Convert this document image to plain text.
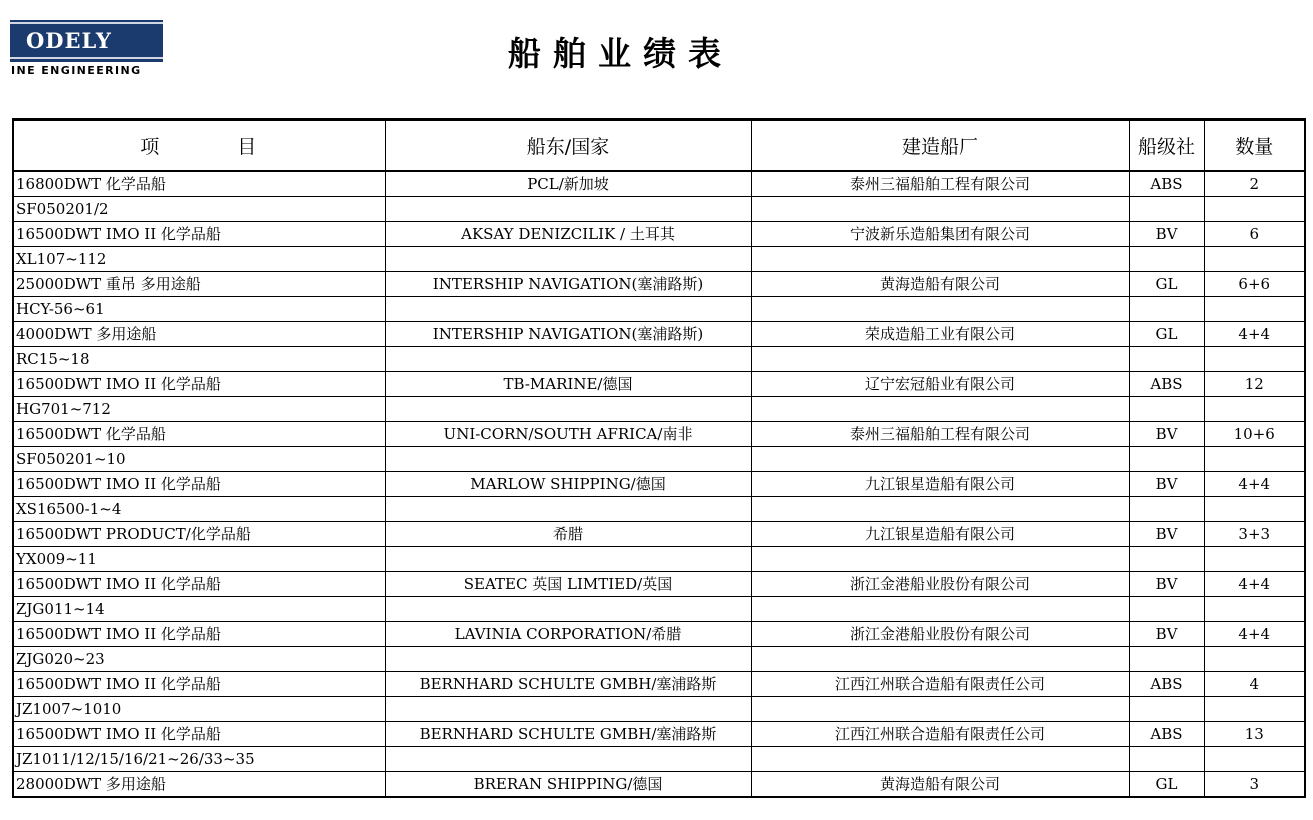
ODELY
INE ENGINEERING	船舶业绩表
项 目	船东/国家	建造船厂	船级社	数量
16800DWT 化学品船	PCL/新加坡	泰州三福船舶工程有限公司	ABS	2
SF050201/2				
16500DWT IMO II 化学品船	AKSAY DENIZCILIK / 土耳其	宁波新乐造船集团有限公司	BV	6
XL107~112				
25000DWT 重吊 多用途船	INTERSHIP NAVIGATION(塞浦路斯)	黄海造船有限公司	GL	6+6
HCY-56~61				
4000DWT 多用途船	INTERSHIP NAVIGATION(塞浦路斯)	荣成造船工业有限公司	GL	4+4
RC15~18				
16500DWT IMO II 化学品船	TB-MARINE/德国	辽宁宏冠船业有限公司	ABS	12
HG701~712				
16500DWT 化学品船	UNI-CORN/SOUTH AFRICA/南非	泰州三福船舶工程有限公司	BV	10+6
SF050201~10				
16500DWT IMO II 化学品船	MARLOW SHIPPING/德国	九江银星造船有限公司	BV	4+4
XS16500-1~4				
16500DWT PRODUCT/化学品船	希腊	九江银星造船有限公司	BV	3+3
YX009~11				
16500DWT IMO II 化学品船	SEATEC 英国 LIMTIED/英国	浙江金港船业股份有限公司	BV	4+4
ZJG011~14				
16500DWT IMO II 化学品船	LAVINIA CORPORATION/希腊	浙江金港船业股份有限公司	BV	4+4
ZJG020~23				
16500DWT IMO II 化学品船	BERNHARD SCHULTE GMBH/塞浦路斯	江西江州联合造船有限责任公司	ABS	4
JZ1007~1010				
16500DWT IMO II 化学品船	BERNHARD SCHULTE GMBH/塞浦路斯	江西江州联合造船有限责任公司	ABS	13
JZ1011/12/15/16/21~26/33~35				
28000DWT 多用途船	BRERAN SHIPPING/德国	黄海造船有限公司	GL	3
